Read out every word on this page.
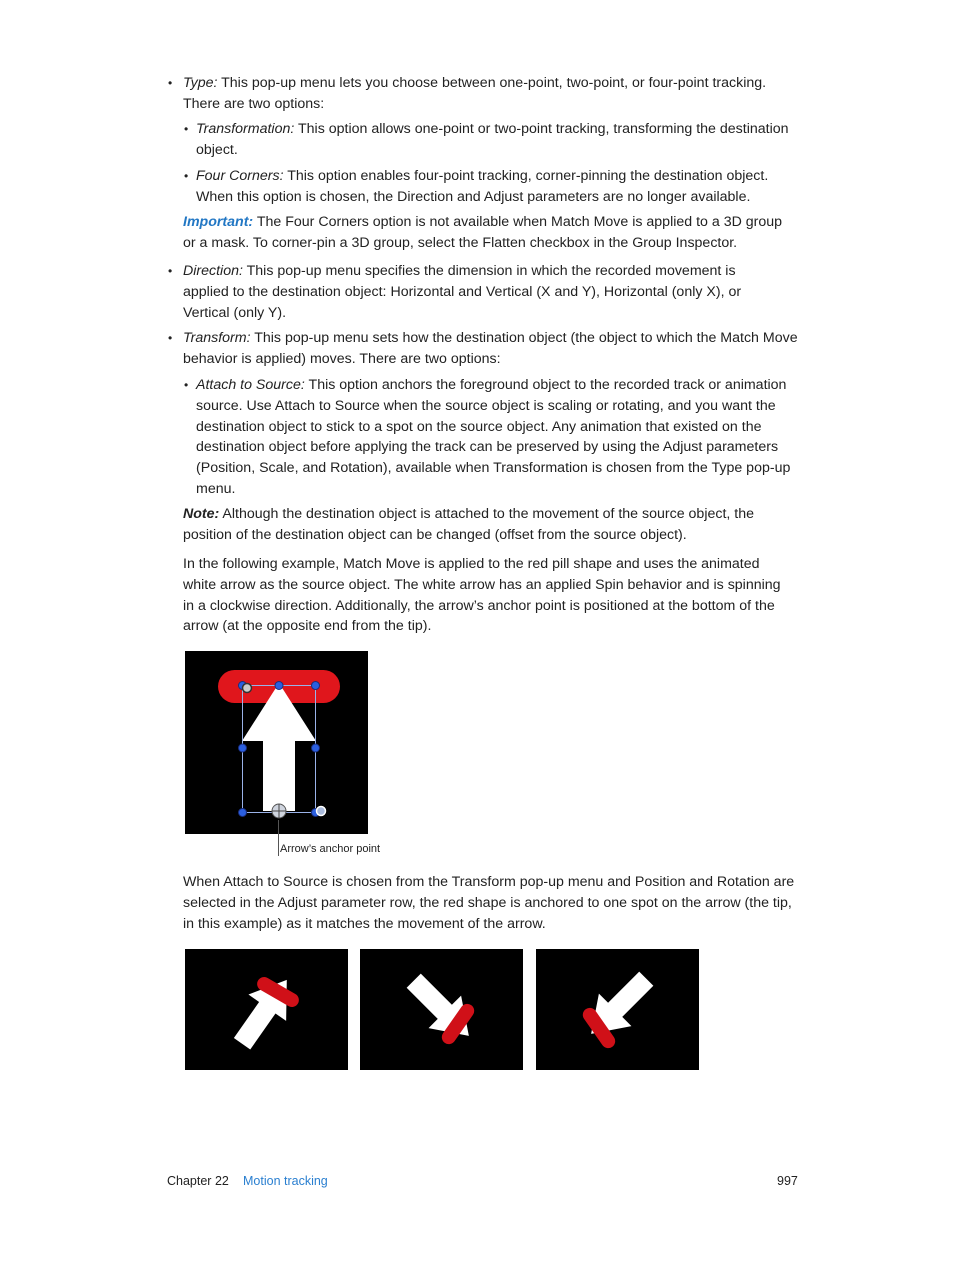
• Type: This pop-up menu lets you choose between one-point, two-point, or four-point tracking. There are two options:

• Transformation: This option allows one-point or two-point tracking, transforming the destination object.

• Four Corners: This option enables four-point tracking, corner-pinning the destination object. When this option is chosen, the Direction and Adjust parameters are no longer available.

Important: The Four Corners option is not available when Match Move is applied to a 3D group or a mask. To corner-pin a 3D group, select the Flatten checkbox in the Group Inspector.

• Direction: This pop-up menu specifies the dimension in which the recorded movement is applied to the destination object: Horizontal and Vertical (X and Y), Horizontal (only X), or Vertical (only Y).

• Transform: This pop-up menu sets how the destination object (the object to which the Match Move behavior is applied) moves. There are two options:

• Attach to Source: This option anchors the foreground object to the recorded track or animation source. Use Attach to Source when the source object is scaling or rotating, and you want the destination object to stick to a spot on the source object. Any animation that existed on the destination object before applying the track can be preserved by using the Adjust parameters (Position, Scale, and Rotation), available when Transformation is chosen from the Type pop-up menu.

Note: Although the destination object is attached to the movement of the source object, the position of the destination object can be changed (offset from the source object).

In the following example, Match Move is applied to the red pill shape and uses the animated white arrow as the source object. The white arrow has an applied Spin behavior and is spinning in a clockwise direction. Additionally, the arrow’s anchor point is positioned at the bottom of the arrow (at the opposite end from the tip).

Arrow’s anchor point

When Attach to Source is chosen from the Transform pop-up menu and Position and Rotation are selected in the Adjust parameter row, the red shape is anchored to one spot on the arrow (the tip, in this example) as it matches the movement of the arrow.

Chapter 22 Motion tracking	997
